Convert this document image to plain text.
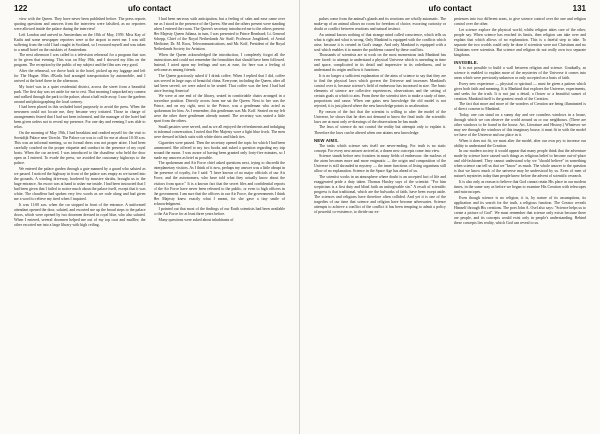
122	ufo contact

view with the Queen. They have never been published before. The press reports quoting questions and answers from the interview were falsified, as no reporters were allowed inside the palace during the interview!

Left London and arrived in Amsterdam on the 18th of May, 1959. Miss Kay of Kadis and some newspaper reporters were at the airport to meet me. I was still suffering from the cold I had caught in Scotland, so I excused myself and was taken to a small hotel on the outskirts of Amsterdam.

The next afternoon I was called to a television rehearsal for a program that was to be given that evening. This was on May 19th, and I showed my film on the program. The reception by the public of my subject and the film was very good.

After the rehearsal, we drove back to the hotel, picked up my luggage and left for The Hague. Miss d'Kadis had arranged transportation by automobile, and I arrived at the hotel there in the afternoon.

My hotel was in a quiet residential district, across the street from a beautiful park. The first day was set aside for me to rest. That morning I unpacked my camera and walked through the park to the palace, about a half mile away. I saw the gardens around and photographing the local scenery.

I had been placed in this secluded hotel purposely to avoid the press. When the newsmen could not locate me, they became very irritated. Those in charge of arrangements feared that I had not been informed, and the manager of the hotel had been given orders not to reveal my presence. For one day and evening I was able to relax.

On the morning of May 19th, I had breakfast and readied myself for the visit to Soestdijk Palace near Utrecht. The Palace car was to call for me at about 10:30 a.m. This was an informal meeting, so no formal dress was not proper attire. I had been carefully coached on the proper etiquette and conduct in the presence of my royal hosts. When the car arrived, I was introduced to the chauffeur who held the door open as I entered. To evade the press, we avoided the customary highways to the palace.

We entered the palace garden through a gate manned by a guard who saluted as we passed. I noticed the highway in front of the palace was empty as we turned into the grounds. A winding driveway, bordered by massive shrubs, brought us to the huge entrance. An escort was at hand to usher me inside. I had been instructed that I had been given that I failed to notice much about the palace itself, except that it was white. The chauffeur had spoken very few words as we rode along and had given me a word to relieve my tired when I inquired.

It was 11:00 a.m. when the car stopped in front of the entrance. A uniformed attendant opened the door, saluted, and escorted me up the broad steps to the palace doors, which were opened by two doormen dressed in royal blue, who also saluted. When I entered, several doormen helped me out of my top coat and muffler; the other escorted me into a large library with high ceiling.

I had been nervous with anticipation, but a feeling of calm and ease came over me as I stood in the presence of the Queen. She and the others present were standing when I entered the room. The Queen's secretary introduced me to the others present: Her Majesty Queen Juliana, in turn, I was presented to Prince Bernhard; Lt. General Schepp, Chief of the Royal Netherlands Air Staff; Professor Jongbloed, of Aerial Medicine; Dr. M. Roos, Telecommunications; and Mr. Koff, President of the Royal Netherlands Society for Aviation.

When the Queen acknowledged the introduction, I completely forgot all the instructions and could not remember the formalities that should have been followed. Instead, I acted upon my feelings and was at ease, for here was a feeling of welcome as among friends.

The Queen graciously asked if I drink coffee. When I replied that I did, coffee was served in large cups of beautiful china. Everyone, including the Queen, after all had been served, we were asked to be seated. That coffee was the best I had had since leaving America!

We were at one end of the library, seated in comfortable chairs arranged in a horseshoe position. Directly across from me sat the Queen. Next to her was the Prince, and on my right, next to the Prince, was a gentleman who acted as spokesman for him. As I remember, this gentleman was Mr. Koff. Seated on my left were the other three gentlemen already named. The secretary was seated a little apart from the others.

Small pastries were served, and as we all enjoyed the refreshments and indulging in informal conversation, I noted that Her Majesty wore a light blue frock. The men were dressed in black suits with white shirts and black ties.

Cigarettes were passed. Then the secretary opened the topic for which I had been summoned. She offered to my two books and asked a question regarding my trip around the moon. I was aware of having been granted only forty-five minutes, so I made my answers as brief as possible.

The spokesman and Air Force chief asked questions next, trying to discredit the interplanetary visitors. As I think of it now, perhaps my answer was a little abrupt in the presence of royalty, for I said: "I have known of no major officials of our Air Force, and the astronomers, who have told what they actually know about the visitors from space." It is a known fact that the secret files and confidential reports of the Air Force have never been released to the public, or even to high officers in the government. I am sure that the officers in our Air Force, the governments I think Her Majesty knew exactly what I meant, for she gave a tiny smile of acknowledgment.

I pointed out that most of the findings of our Earth scientists had been available to the Air Force for at least three years before.

Many questions were asked about inhabitants of

ufo contact	131

pulses come from the animal's glands and its reactions are wholly automatic. The make-up of an animal allows no room for freedom of choice, escorting curiosity or doubt or conflict between reactions and natural instinct.

An animal knows nothing of that strange mind called conscience, which tells us what is right and what is wrong. Only Mankind is equipped with the conflicts which arise, because it is created in God's image. And only Mankind is equipped with a soul which enables it to master the problems caused by these conflicts.

Thousands of scientists are at work on the most momentous task Mankind has ever faced: to attempt to understand a physical Universe which is unending in time and space, complicated in its detail and impressive in its orderliness, and to understand its origin and how it functions.

It is no longer a sufficient explanation of the aims of science to say that they are to find the physical laws which govern the Universe and increases Mankind's control over it, because science's field of endeavour has increased in size. The basic elements of science are collective experiences, observations and the setting of certain goals at which to aim. From these the scientist tries to make a study of time, proportions and cause. When one gains new knowledge the old model is not rejected, it is just placed where the new knowledge points to an alteration.

By reason of the fact that the scientist is willing to alter the model of the Universe, he shows that he does not demand to know the final truth: the scientific laws are at most only re-drawings of the observations he has made.

The laws of science do not control the reality but attempts only to explain it. Therefore the laws can be altered when one attains new knowledge.

NEW AIMS.

The tasks which science sets itself are never-ending. For truth is no static concept. For every new answer arrived at, a dozen new concepts come into view.

Science stands before new frontiers in many fields of endeavour: the nucleus of the atom becomes more and more enigmatic — the origin and composition of the Universe is still shrouded in mystery — the inner functions of living organisms still allow of no explanation. Science in the Space Age has ahead of us.

The scientist works in an atmosphere where doubt is an accepted fact of life and exaggerated pride a duty taken. Thomas Huxley says of the scientist: "For him scepticism is a first duty and blind faith an unforgivable sin." A result of scientific progress is that traditional, which are the bulwarks of faith, have been swept aside. The sciences and religions have therefore often collided. And yet it is one of the tragedies of our time that science and religion have become adversaries. Science attempts to achieve a conflict of the conflict it has been tempting to admit a policy of peaceful co-existence, to divide our ex-

periences into two different areas, to give science control over the one and religion control over the other.

Let science explore the physical world, whilst religion takes care of the other, people say. When science has reached its limits, then religion can take over and explain that which allows of no explanation. This is a fateful step to take. To separate the two worlds could only be done if scientists were not Christians and no Christians were scientists. But science and religion do not really own two separate kingdoms.

INVISIBLE.

It is not possible to build a wall between religion and science. Gradually, as science is enabled to explain more of the mysteries of the Universe it comes into areas which were previously unknown or only accepted on a basis of faith.

Every new experience — physical or spiritual — must be given a pattern which gives both faith and meaning. It is Mankind that explores the Universe, experiments, and seeks for the truth. It is not just a detail, a flower or a beautiful sunset of creation. Mankind itself is the greatest result of the Creation.

The fact that more and more of the wonders of Creation are being illuminated is of direct concern to Mankind.

Today, one can stand on a sunny day and see countless windows in a house, through which we can observe the world around us or our neighbours. (There are other windows to be found in the house. Art, Literature and History.) Whatever we may see through the windows of this imaginary house, it must fit in with the model we have of the Universe and our place in it.

When it does not fit, we must alter the model, alter our own pry to increase our ability to understand the Creation.

In our modern society it would appear that many people think that the adventure made by science have caused such things as religious belief to become out-of-place and old-fashioned. They cannot understand why we "should believe" in something when science can tell us that we "know" as much. The whole answer to the question is that we know much of the universe may be understood by us. Even of men of nature's mysteries today than people knew before the advent of scientific research.

It is also only as reason to believe that God cannot retain His place in our modern times, in the same way as before we began to examine His Creation with telescopes and microscopes.

Even though science is no religion, it is, by nature of its assumptions, its application and its search for the truth, a religious function. The Creator reveals Himself through His creations. The poet John A. Osel also says: "Science helps us to create a picture of God". We must remember that science only exists because there are people, and its concepts would exist only in people's understanding. Behind these concepts lies reality, which God can reveal to us.
